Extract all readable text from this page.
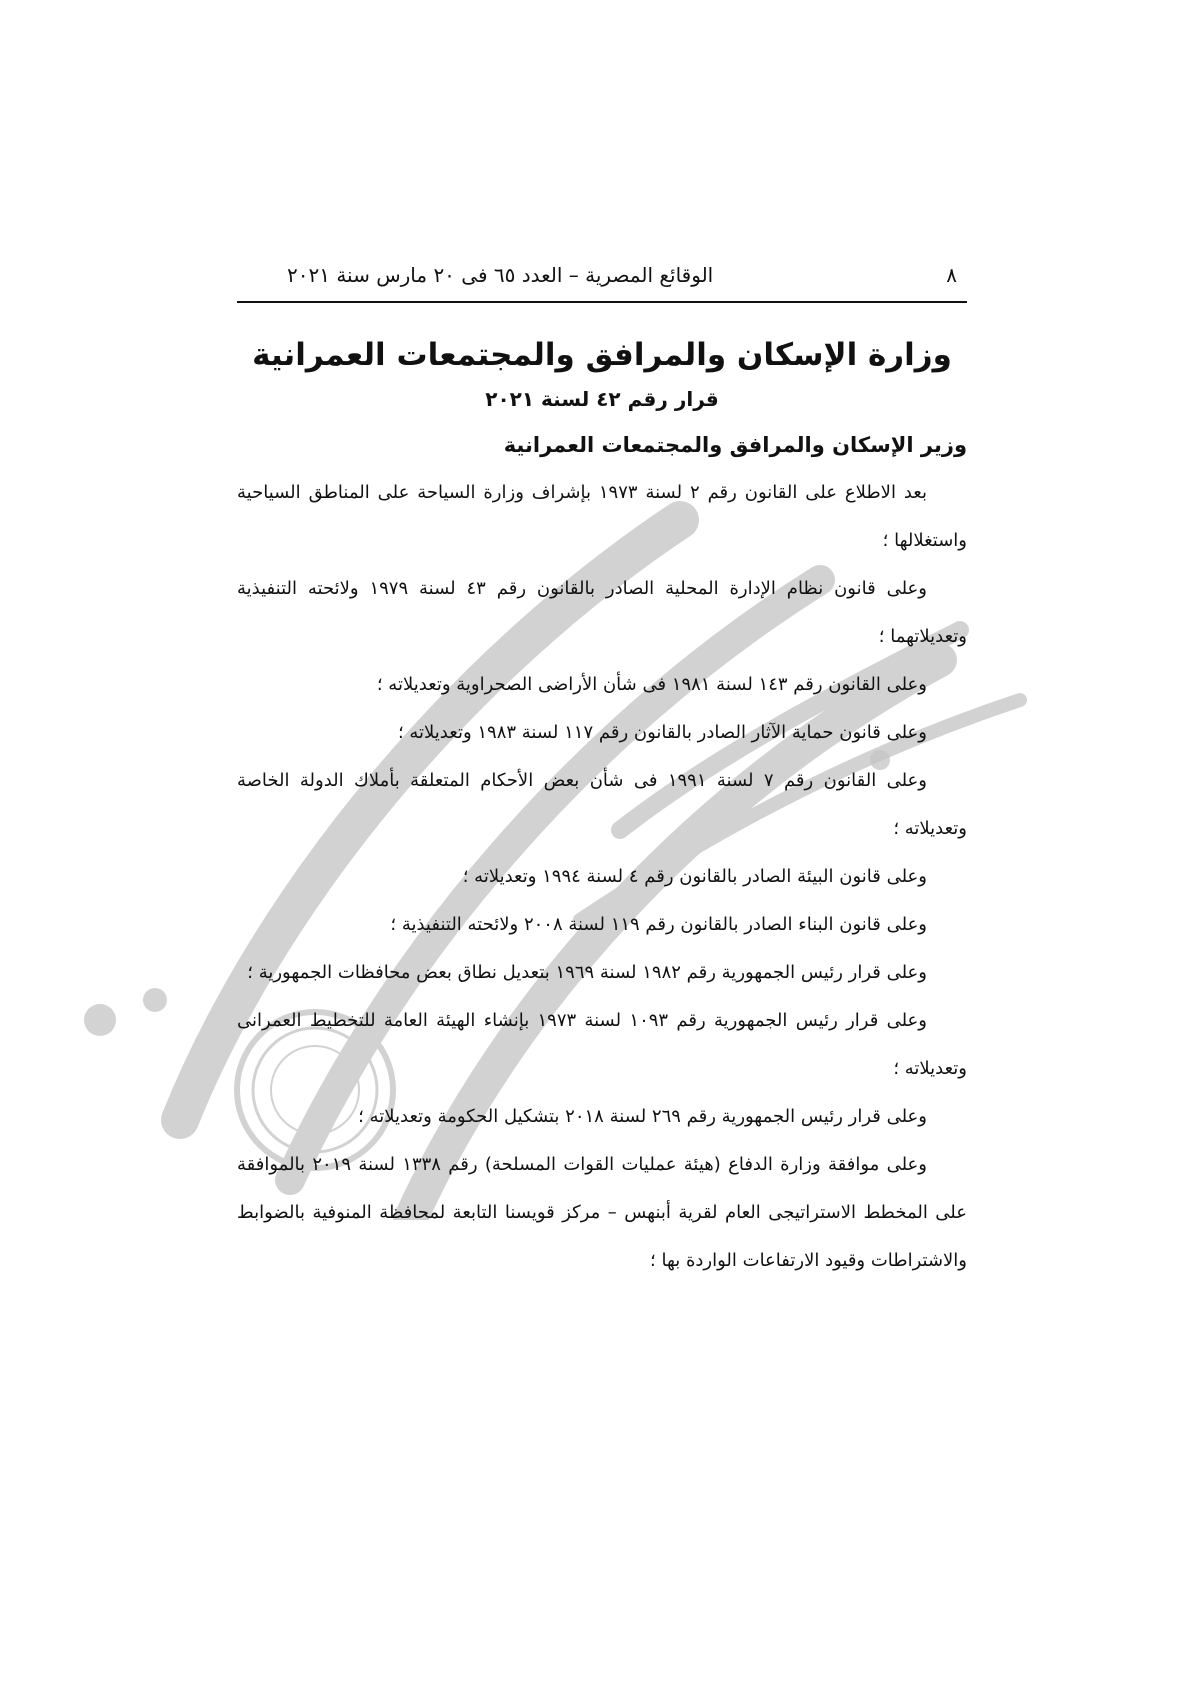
٨
الوقائع المصرية – العدد ٦٥ فى ٢٠ مارس سنة ٢٠٢١
وزارة الإسكان والمرافق والمجتمعات العمرانية
قرار رقم ٤٢ لسنة ٢٠٢١
وزير الإسكان والمرافق والمجتمعات العمرانية

بعد الاطلاع على القانون رقم ٢ لسنة ١٩٧٣ بإشراف وزارة السياحة على المناطق السياحية واستغلالها ؛

وعلى قانون نظام الإدارة المحلية الصادر بالقانون رقم ٤٣ لسنة ١٩٧٩ ولائحته التنفيذية وتعديلاتهما ؛

وعلى القانون رقم ١٤٣ لسنة ١٩٨١ فى شأن الأراضى الصحراوية وتعديلاته ؛

وعلى قانون حماية الآثار الصادر بالقانون رقم ١١٧ لسنة ١٩٨٣ وتعديلاته ؛

وعلى القانون رقم ٧ لسنة ١٩٩١ فى شأن بعض الأحكام المتعلقة بأملاك الدولة الخاصة وتعديلاته ؛

وعلى قانون البيئة الصادر بالقانون رقم ٤ لسنة ١٩٩٤ وتعديلاته ؛

وعلى قانون البناء الصادر بالقانون رقم ١١٩ لسنة ٢٠٠٨ ولائحته التنفيذية ؛

وعلى قرار رئيس الجمهورية رقم ١٩٨٢ لسنة ١٩٦٩ بتعديل نطاق بعض محافظات الجمهورية ؛

وعلى قرار رئيس الجمهورية رقم ١٠٩٣ لسنة ١٩٧٣ بإنشاء الهيئة العامة للتخطيط العمرانى وتعديلاته ؛

وعلى قرار رئيس الجمهورية رقم ٢٦٩ لسنة ٢٠١٨ بتشكيل الحكومة وتعديلاته ؛

وعلى موافقة وزارة الدفاع (هيئة عمليات القوات المسلحة) رقم ١٣٣٨ لسنة ٢٠١٩ بالموافقة على المخطط الاستراتيجى العام لقرية أبنهس – مركز قويسنا التابعة لمحافظة المنوفية بالضوابط والاشتراطات وقيود الارتفاعات الواردة بها ؛
